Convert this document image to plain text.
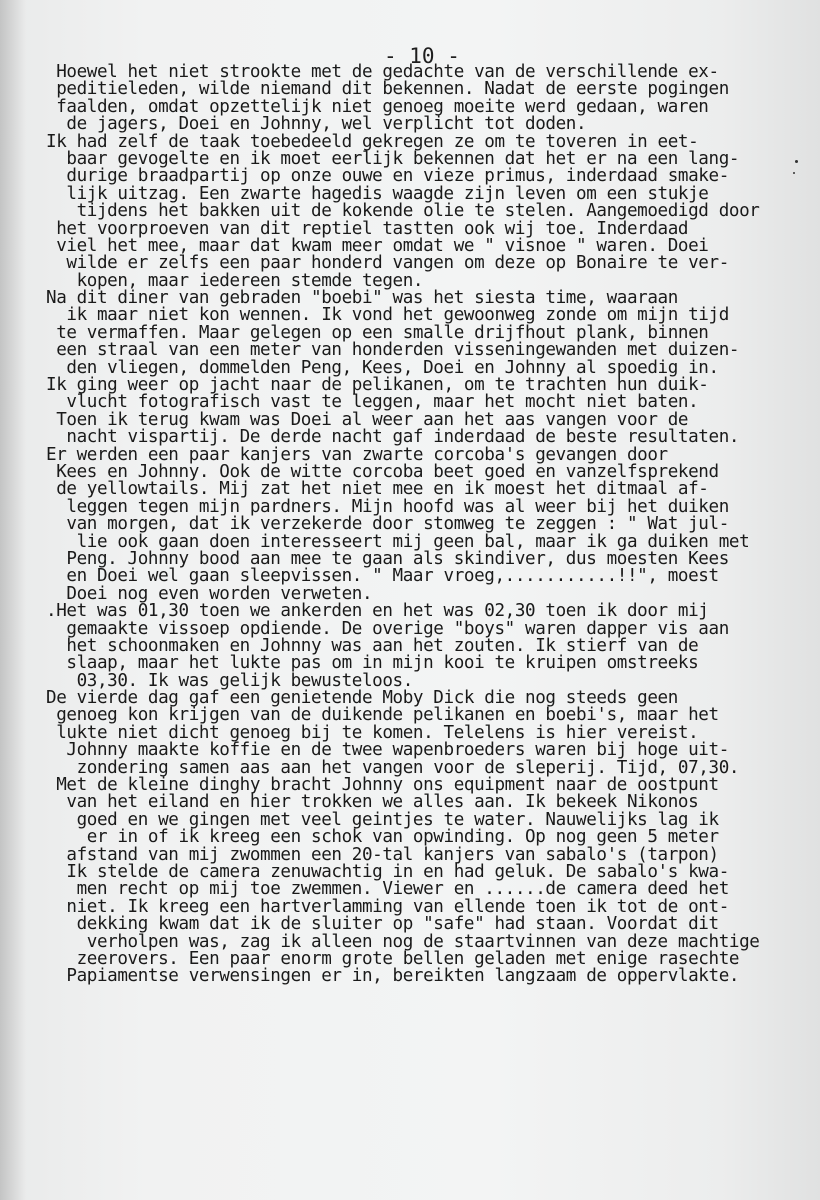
- 10 -
Hoewel het niet strookte met de gedachte van de verschillende ex-
peditieleden, wilde niemand dit bekennen. Nadat de eerste pogingen
faalden, omdat opzettelijk niet genoeg moeite werd gedaan, waren
de jagers, Doei en Johnny, wel verplicht tot doden.
Ik had zelf de taak toebedeeld gekregen ze om te toveren in eet-
baar gevogelte en ik moet eerlijk bekennen dat het er na een lang-
durige braadpartij op onze ouwe en vieze primus, inderdaad smake-
lijk uitzag. Een zwarte hagedis waagde zijn leven om een stukje
tijdens het bakken uit de kokende olie te stelen. Aangemoedigd door
het voorproeven van dit reptiel tastten ook wij toe. Inderdaad
viel het mee, maar dat kwam meer omdat we " visnoe " waren. Doei
wilde er zelfs een paar honderd vangen om deze op Bonaire te ver-
kopen, maar iedereen stemde tegen.
Na dit diner van gebraden "boebi" was het siesta time, waaraan
ik maar niet kon wennen. Ik vond het gewoonweg zonde om mijn tijd
te vermaffen. Maar gelegen op een smalle drijfhout plank, binnen
een straal van een meter van honderden visseningewanden met duizen-
den vliegen, dommelden Peng, Kees, Doei en Johnny al spoedig in.
Ik ging weer op jacht naar de pelikanen, om te trachten hun duik-
vlucht fotografisch vast te leggen, maar het mocht niet baten.
Toen ik terug kwam was Doei al weer aan het aas vangen voor de
nacht vispartij. De derde nacht gaf inderdaad de beste resultaten.
Er werden een paar kanjers van zwarte corcoba's gevangen door
Kees en Johnny. Ook de witte corcoba beet goed en vanzelfsprekend
de yellowtails. Mij zat het niet mee en ik moest het ditmaal af-
leggen tegen mijn pardners. Mijn hoofd was al weer bij het duiken
van morgen, dat ik verzekerde door stomweg te zeggen : " Wat jul-
lie ook gaan doen interesseert mij geen bal, maar ik ga duiken met
Peng. Johnny bood aan mee te gaan als skindiver, dus moesten Kees
en Doei wel gaan sleepvissen. " Maar vroeg,...........!!", moest
Doei nog even worden verweten.
.Het was 01,30 toen we ankerden en het was 02,30 toen ik door mij
gemaakte vissoep opdiende. De overige "boys" waren dapper vis aan
het schoonmaken en Johnny was aan het zouten. Ik stierf van de
slaap, maar het lukte pas om in mijn kooi te kruipen omstreeks
03,30. Ik was gelijk bewusteloos.
De vierde dag gaf een genietende Moby Dick die nog steeds geen
genoeg kon krijgen van de duikende pelikanen en boebi's, maar het
lukte niet dicht genoeg bij te komen. Telelens is hier vereist.
Johnny maakte koffie en de twee wapenbroeders waren bij hoge uit-
zondering samen aas aan het vangen voor de sleperij. Tijd, 07,30.
Met de kleine dinghy bracht Johnny ons equipment naar de oostpunt
van het eiland en hier trokken we alles aan. Ik bekeek Nikonos
goed en we gingen met veel geintjes te water. Nauwelijks lag ik
er in of ik kreeg een schok van opwinding. Op nog geen 5 meter
afstand van mij zwommen een 20-tal kanjers van sabalo's (tarpon)
Ik stelde de camera zenuwachtig in en had geluk. De sabalo's kwa-
men recht op mij toe zwemmen. Viewer en ......de camera deed het
niet. Ik kreeg een hartverlamming van ellende toen ik tot de ont-
dekking kwam dat ik de sluiter op "safe" had staan. Voordat dit
verholpen was, zag ik alleen nog de staartvinnen van deze machtige
zeerovers. Een paar enorm grote bellen geladen met enige rasechte
Papiamentse verwensingen er in, bereikten langzaam de oppervlakte.
